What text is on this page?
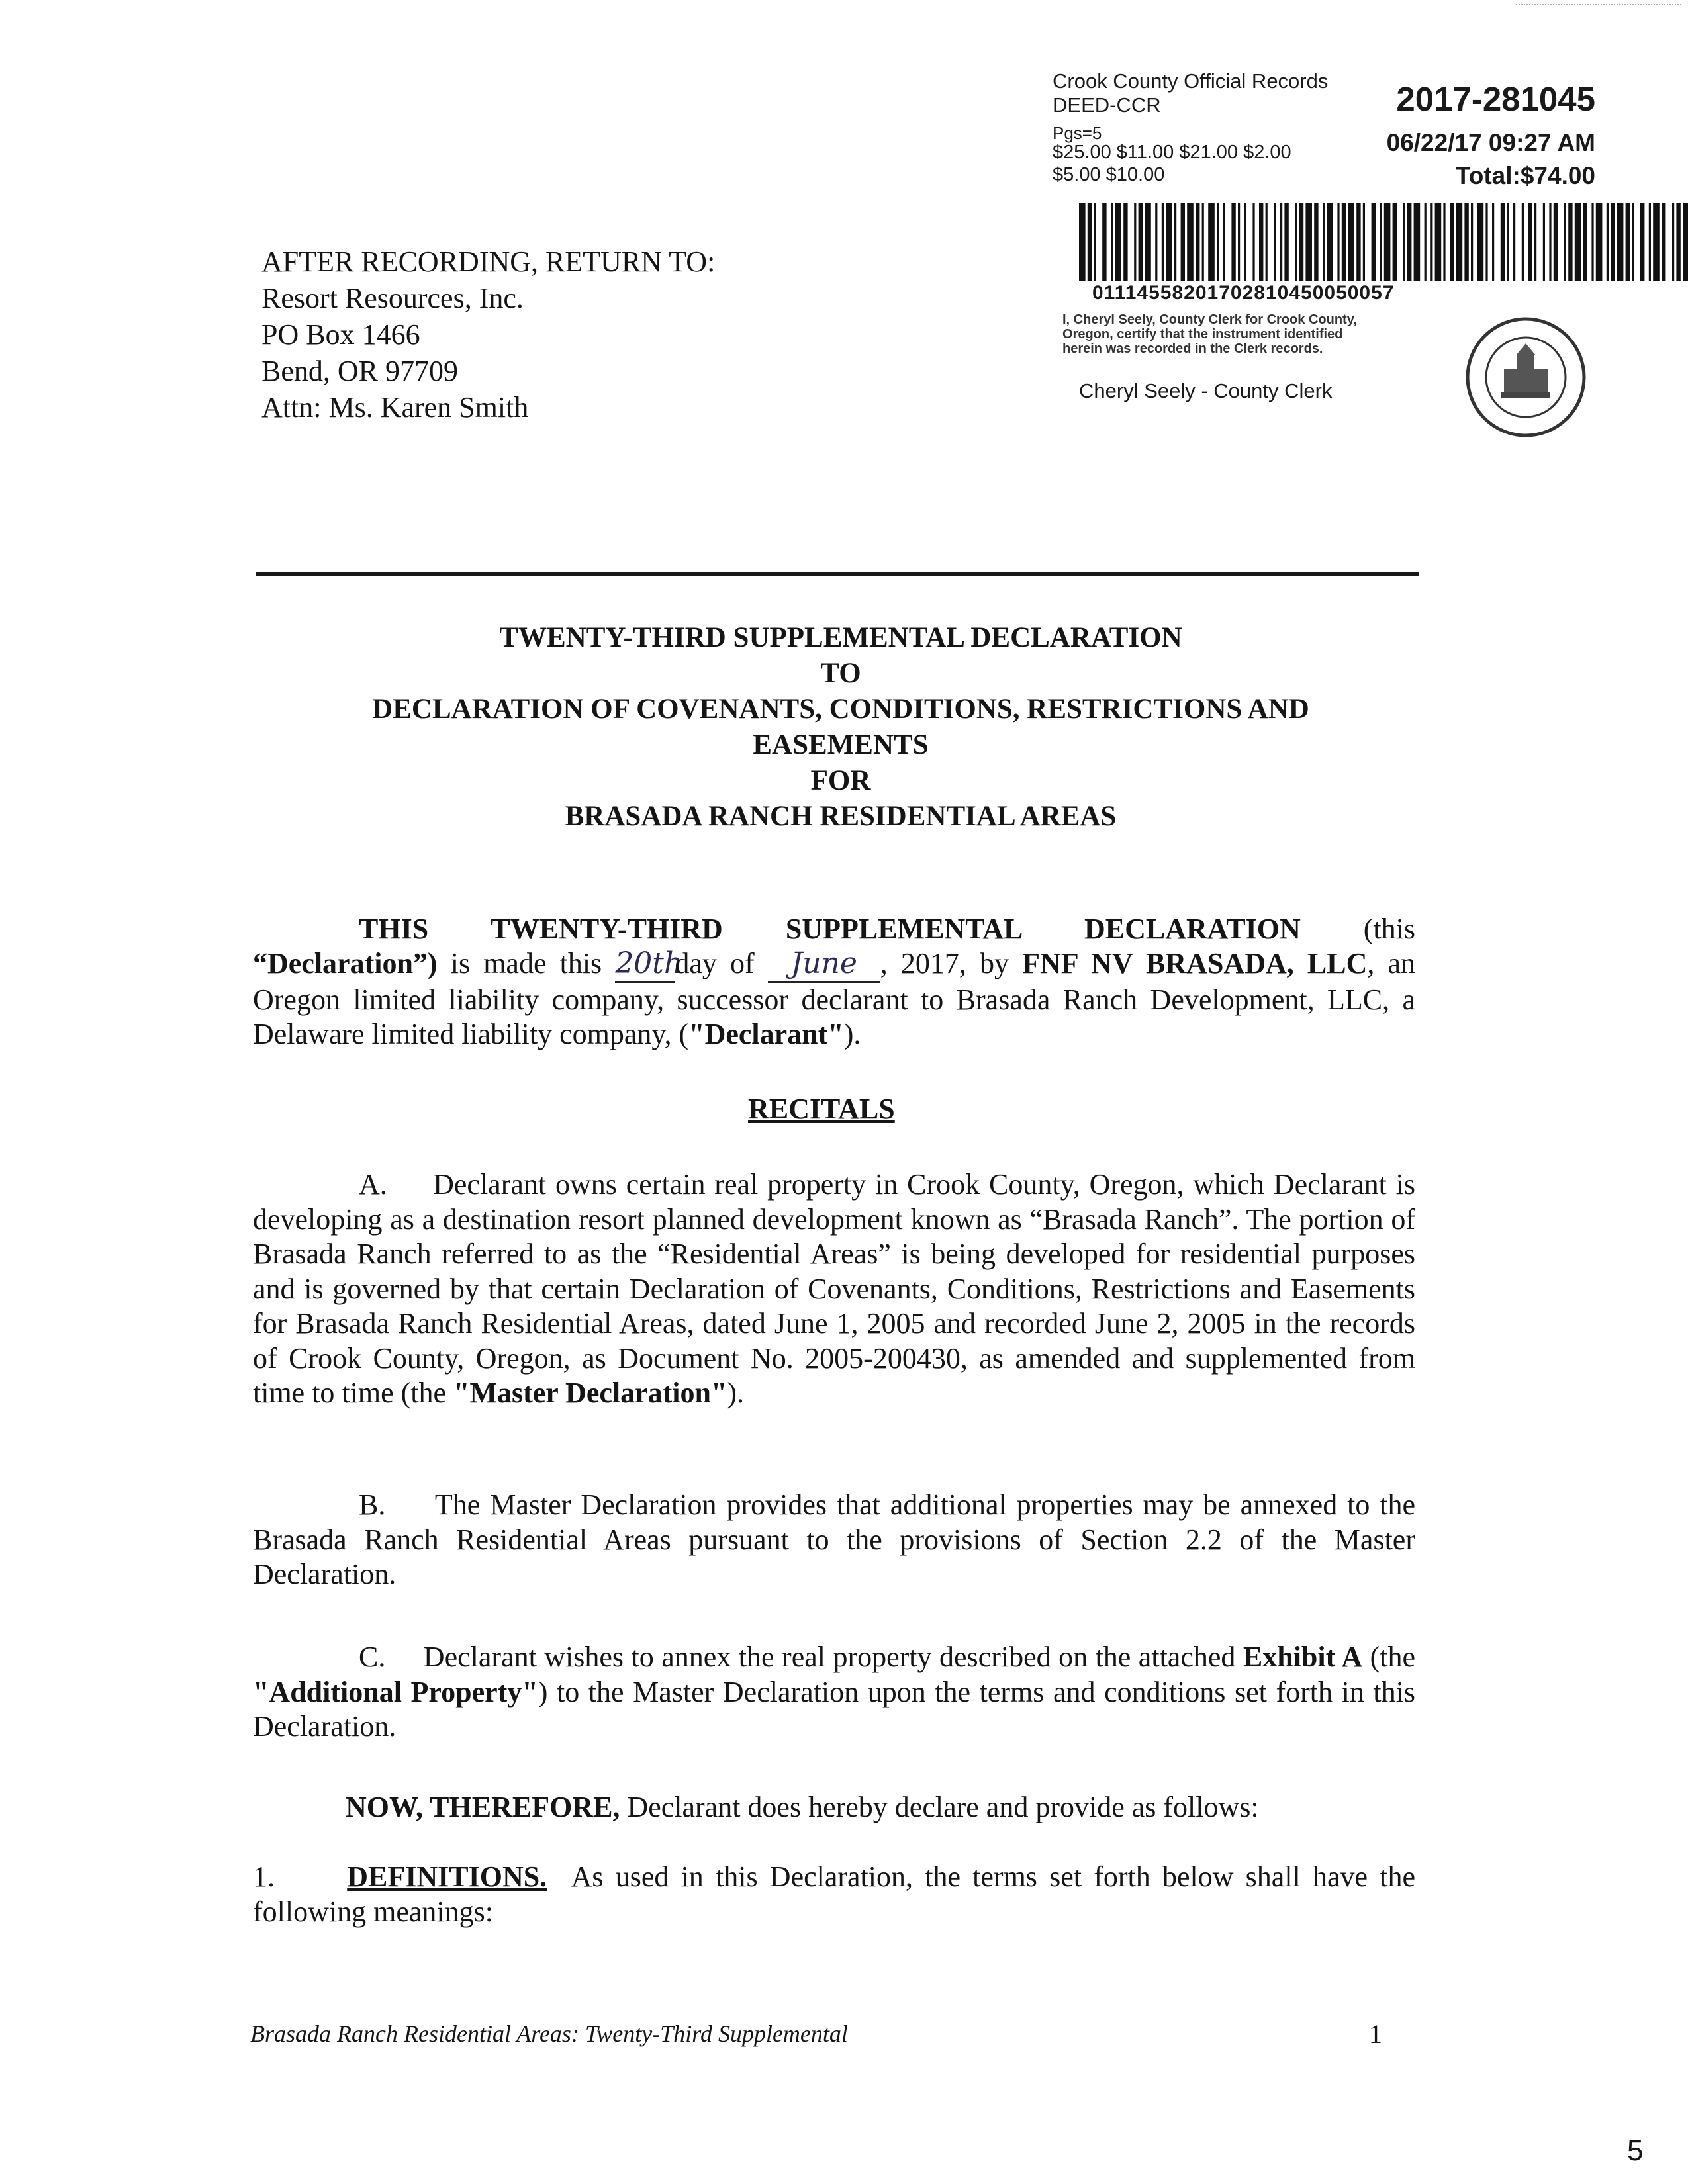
Crook County Official Records
DEED-CCR
Pgs=5
$25.00 $11.00 $21.00 $2.00
$5.00 $10.00
2017-281045
06/22/17 09:27 AM
Total:$74.00
01114558201702810450050057
I, Cheryl Seely, County Clerk for Crook County,
Oregon, certify that the instrument identified
herein was recorded in the Clerk records.
Cheryl Seely - County Clerk
AFTER RECORDING, RETURN TO:
Resort Resources, Inc.
PO Box 1466
Bend, OR 97709
Attn: Ms. Karen Smith
TWENTY-THIRD SUPPLEMENTAL DECLARATION
TO
DECLARATION OF COVENANTS, CONDITIONS, RESTRICTIONS AND
EASEMENTS
FOR
BRASADA RANCH RESIDENTIAL AREAS
THIS TWENTY-THIRD SUPPLEMENTAL DECLARATION (this
“Declaration”) is made this 20thday of June , 2017, by FNF NV BRASADA, LLC, an Oregon limited liability company, successor declarant to Brasada Ranch Development, LLC, a Delaware limited liability company, ("Declarant").
RECITALS
A. Declarant owns certain real property in Crook County, Oregon, which Declarant is developing as a destination resort planned development known as “Brasada Ranch”. The portion of Brasada Ranch referred to as the “Residential Areas” is being developed for residential purposes and is governed by that certain Declaration of Covenants, Conditions, Restrictions and Easements for Brasada Ranch Residential Areas, dated June 1, 2005 and recorded June 2, 2005 in the records of Crook County, Oregon, as Document No. 2005-200430, as amended and supplemented from time to time (the "Master Declaration").
B. The Master Declaration provides that additional properties may be annexed to the Brasada Ranch Residential Areas pursuant to the provisions of Section 2.2 of the Master Declaration.
C. Declarant wishes to annex the real property described on the attached Exhibit A (the "Additional Property") to the Master Declaration upon the terms and conditions set forth in this Declaration.
NOW, THEREFORE, Declarant does hereby declare and provide as follows:
1. DEFINITIONS. As used in this Declaration, the terms set forth below shall have the following meanings:
Brasada Ranch Residential Areas: Twenty-Third Supplemental	1
5
